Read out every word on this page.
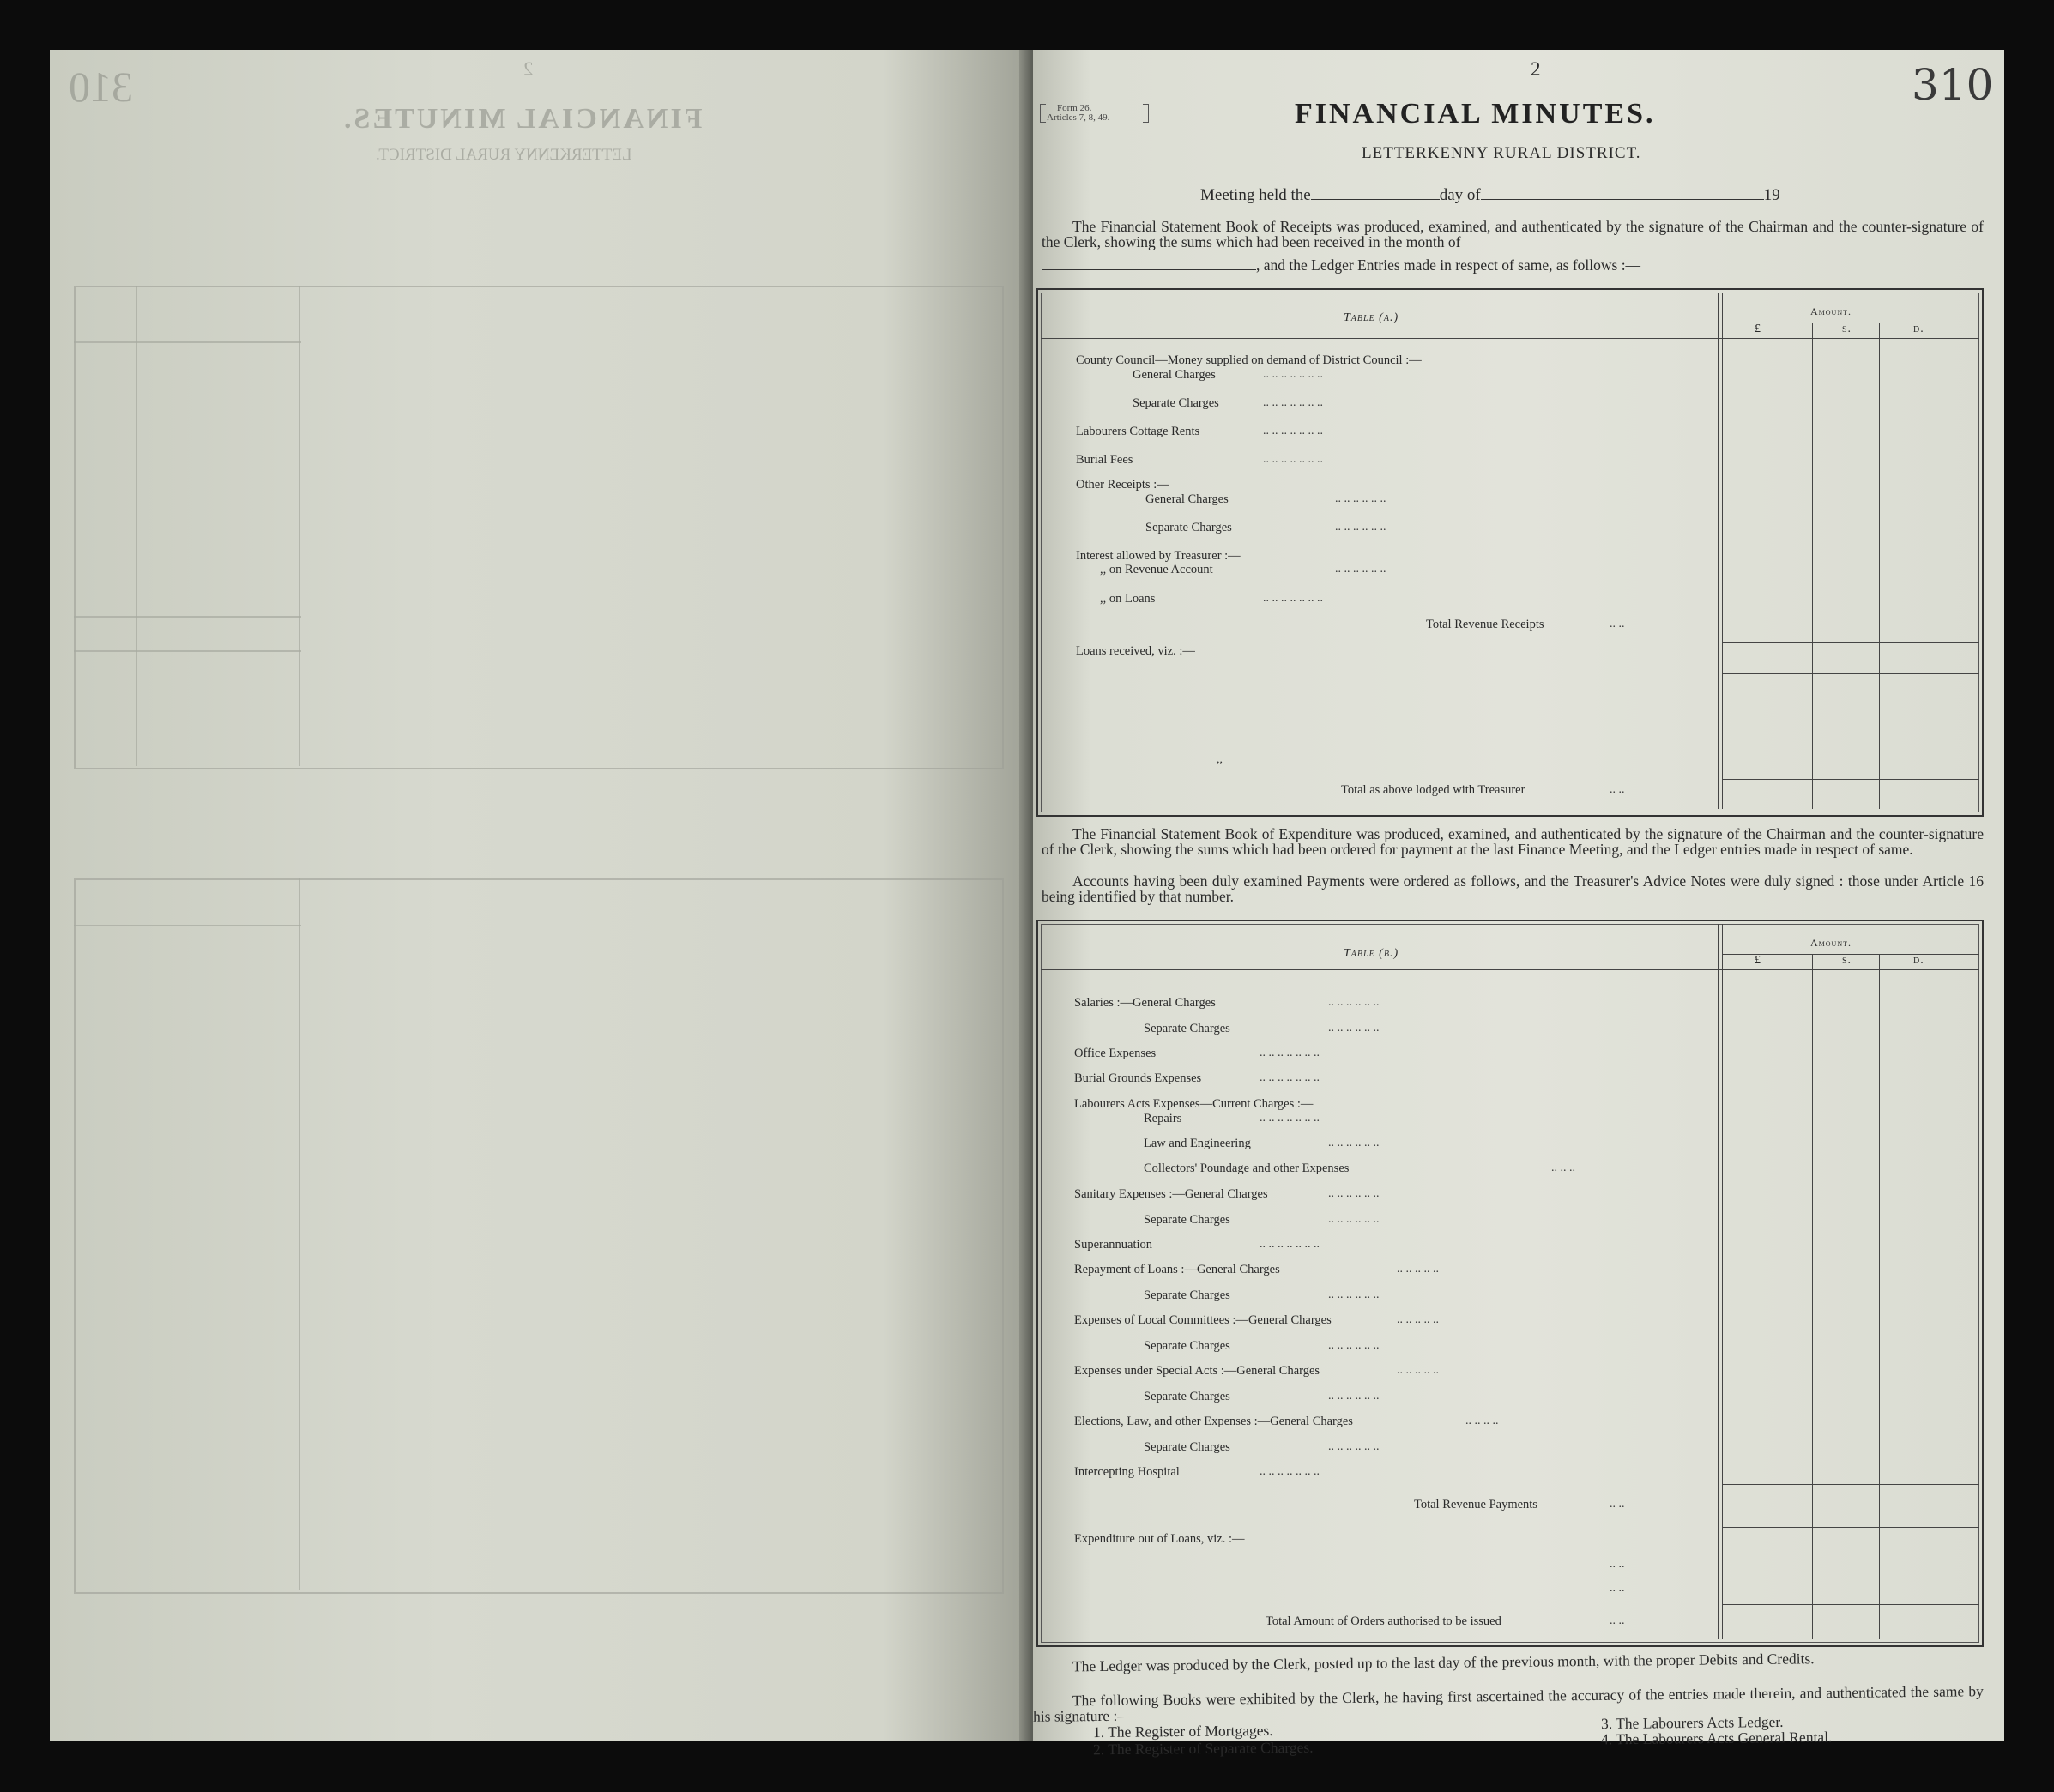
310	2
FINANCIAL MINUTES.
LETTERKENNY RURAL DISTRICT.
2	310
Form 26.
Articles 7, 8, 49.	FINANCIAL MINUTES.
LETTERKENNY RURAL DISTRICT.
Meeting held the	day of	19
The Financial Statement Book of Receipts was produced, examined, and authenticated by the signature of the Chairman and the counter-signature of the Clerk, showing the sums which had been received in the month of
, and the Ledger Entries made in respect of same, as follows :—
Table (a.)	Amount.
£	s.	d.
County Council—Money supplied on demand of District Council :—
General Charges	.. .. .. .. .. .. ..
Separate Charges	.. .. .. .. .. .. ..
Labourers Cottage Rents	.. .. .. .. .. .. ..
Burial Fees	.. .. .. .. .. .. ..
Other Receipts :—
General Charges	.. .. .. .. .. ..
Separate Charges	.. .. .. .. .. ..
Interest allowed by Treasurer :—
,, on Revenue Account	.. .. .. .. .. ..
,, on Loans	.. .. .. .. .. .. ..
Total Revenue Receipts	.. ..
Loans received, viz. :—
,,
Total as above lodged with Treasurer	.. ..
The Financial Statement Book of Expenditure was produced, examined, and authenticated by the signature of the Chairman and the counter-signature of the Clerk, showing the sums which had been ordered for payment at the last Finance Meeting, and the Ledger entries made in respect of same.
Accounts having been duly examined Payments were ordered as follows, and the Treasurer's Advice Notes were duly signed : those under Article 16 being identified by that number.
Table (b.)
Amount.
£	s.	d.
Salaries :—General Charges	.. .. .. .. .. ..
Separate Charges	.. .. .. .. .. ..
Office Expenses	.. .. .. .. .. .. ..
Burial Grounds Expenses	.. .. .. .. .. .. ..
Labourers Acts Expenses—Current Charges :—
Repairs	.. .. .. .. .. .. ..
Law and Engineering	.. .. .. .. .. ..
Collectors' Poundage and other Expenses	.. .. ..
Sanitary Expenses :—General Charges	.. .. .. .. .. ..
Separate Charges	.. .. .. .. .. ..
Superannuation	.. .. .. .. .. .. ..
Repayment of Loans :—General Charges	.. .. .. .. ..
Separate Charges	.. .. .. .. .. ..
Expenses of Local Committees :—General Charges	.. .. .. .. ..
Separate Charges	.. .. .. .. .. ..
Expenses under Special Acts :—General Charges	.. .. .. .. ..
Separate Charges	.. .. .. .. .. ..
Elections, Law, and other Expenses :—General Charges	.. .. .. ..
Separate Charges	.. .. .. .. .. ..
Intercepting Hospital	.. .. .. .. .. .. ..
Total Revenue Payments	.. ..
Expenditure out of Loans, viz. :—
.. ..
.. ..
Total Amount of Orders authorised to be issued	.. ..
The Ledger was produced by the Clerk, posted up to the last day of the previous month, with the proper Debits and Credits.
The following Books were exhibited by the Clerk, he having first ascertained the accuracy of the entries made therein, and authenticated the same by his signature :—
1. The Register of Mortgages.
2. The Register of Separate Charges.
3. The Labourers Acts Ledger.
4. The Labourers Acts General Rental.
